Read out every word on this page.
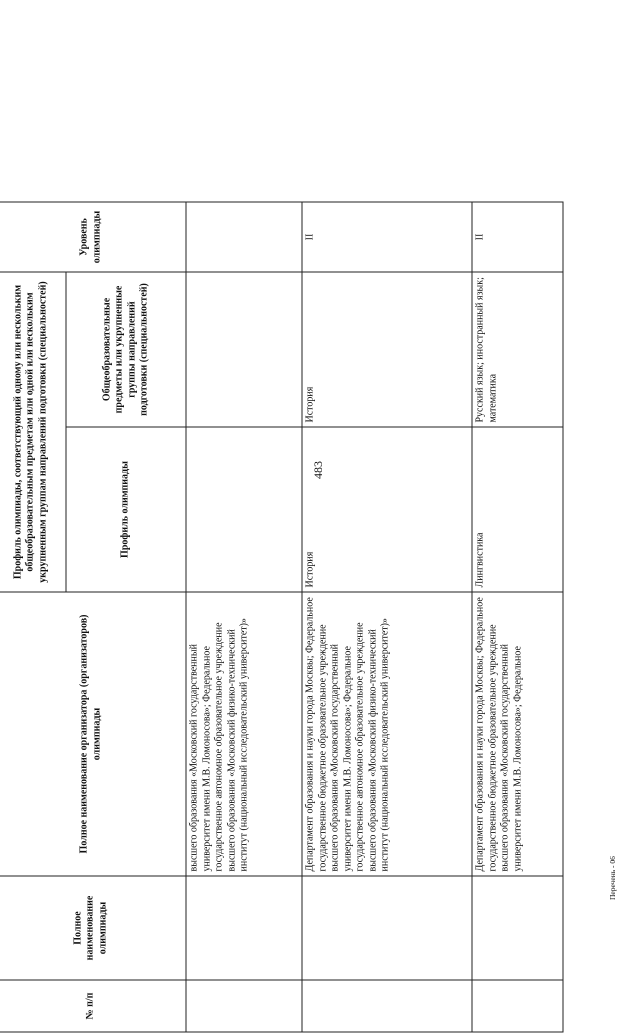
483
№ п/п	Полное наименование олимпиады	Полное наименование организатора (организаторов) олимпиады	Профиль олимпиады, соответствующий одному или нескольким общеобразовательным предметам или одной или нескольким укрупненным группам направлений подготовки (специальностей)		Уровень олимпиады
			Профиль олимпиады	Общеобразовательные предметы или укрупненные группы направлений подготовки (специальностей)	
		высшего образования «Московский государственный университет имени М.В. Ломоносова»; Федеральное государственное автономное образовательное учреждение высшего образования «Московский физико-технический институт (национальный исследовательский университет)»			
		Департамент образования и науки города Москвы; Федеральное государственное бюджетное образовательное учреждение высшего образования «Московский государственный университет имени М.В. Ломоносова»; Федеральное государственное автономное образовательное учреждение высшего образования «Московский физико-технический институт (национальный исследовательский университет)»	История	История	II
		Департамент образования и науки города Москвы; Федеральное государственное бюджетное образовательное учреждение высшего образования «Московский государственный университет имени М.В. Ломоносова»; Федеральное	Лингвистика	Русский язык; иностранный язык; математика	II
Перечень - 06
